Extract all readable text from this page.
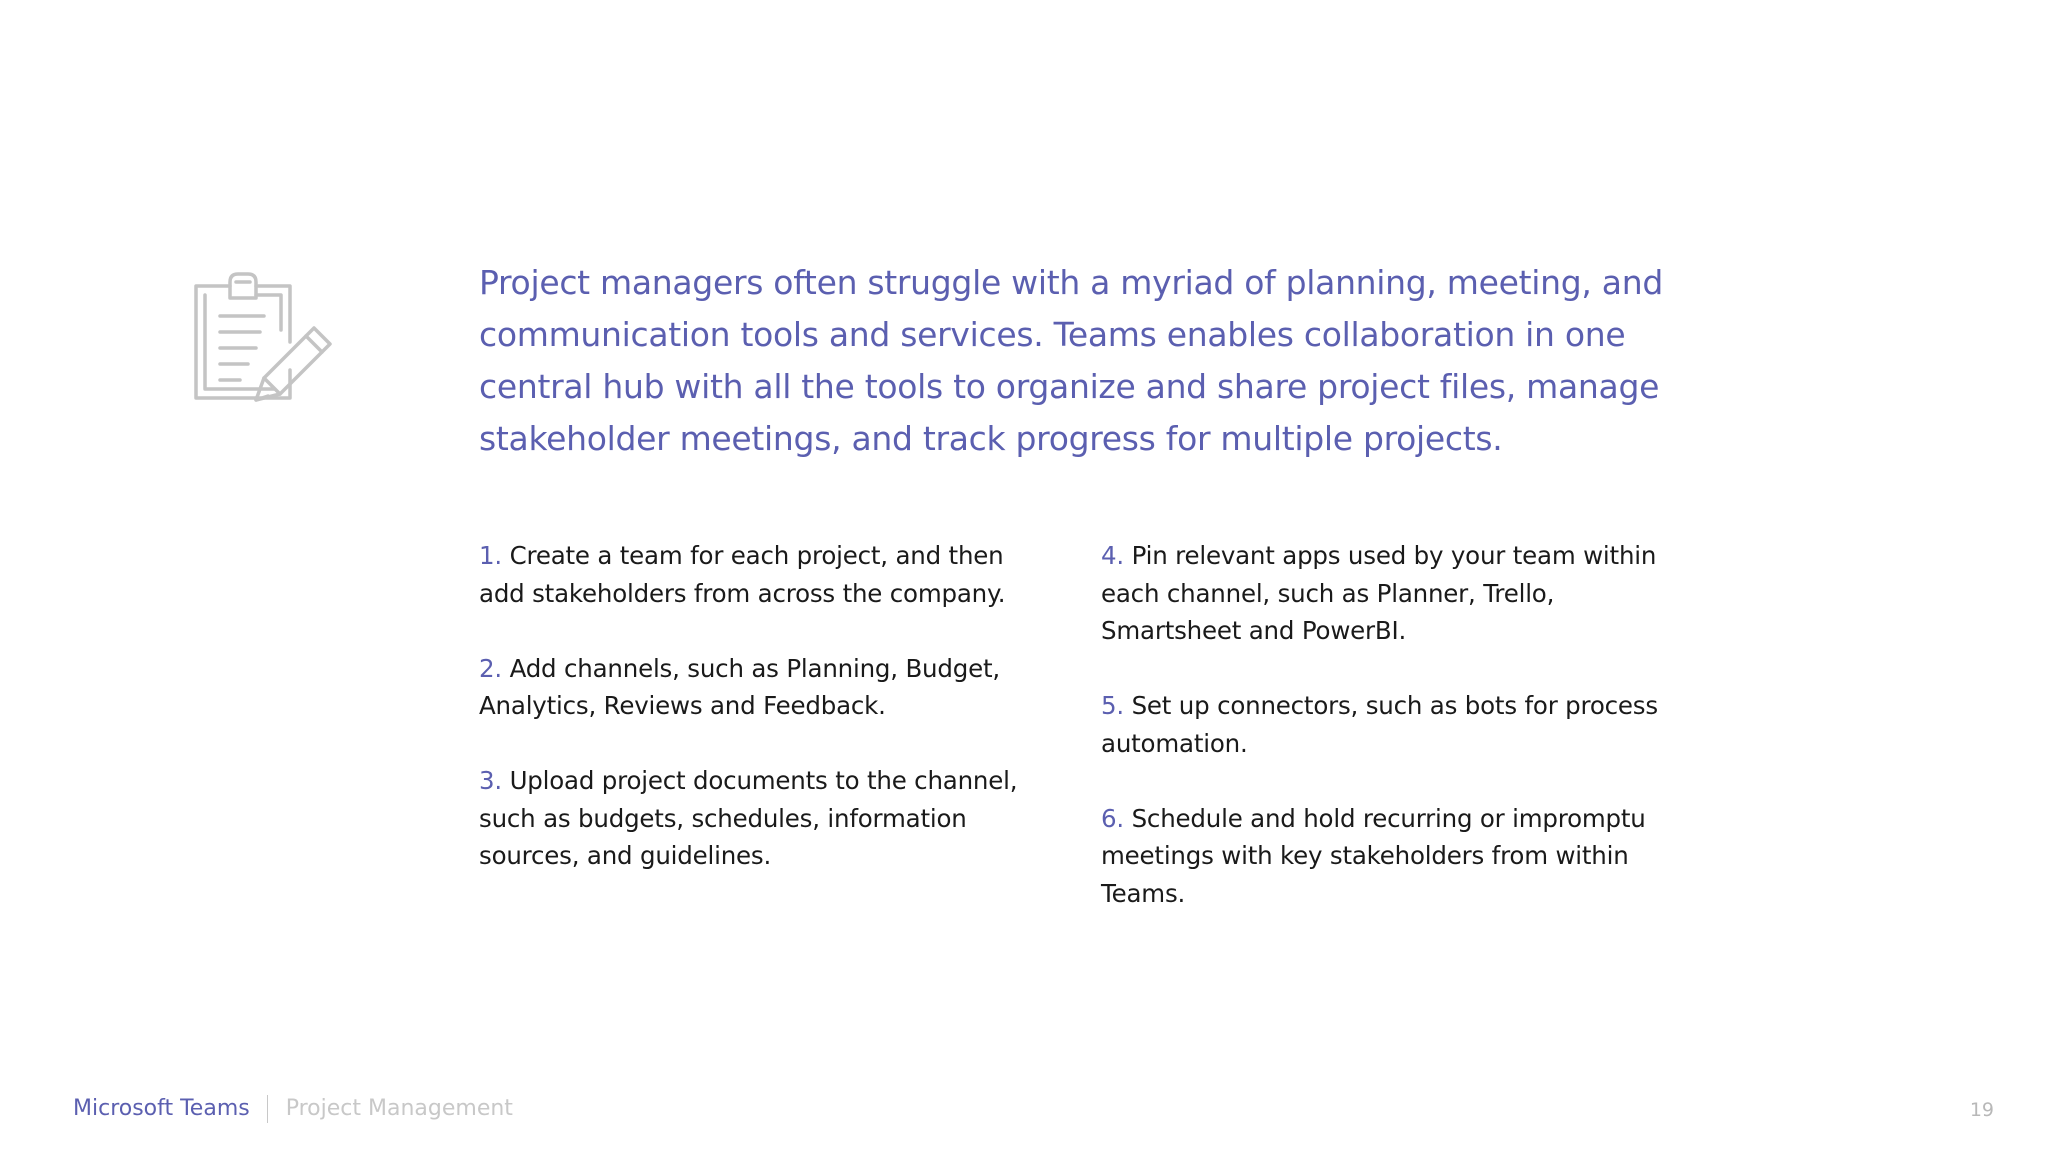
Project managers often struggle with a myriad of planning, meeting, and communication tools and services. Teams enables collaboration in one central hub with all the tools to organize and share project files, manage stakeholder meetings, and track progress for multiple projects.

1. Create a team for each project, and then add stakeholders from across the company.
2. Add channels, such as Planning, Budget, Analytics, Reviews and Feedback.
3. Upload project documents to the channel, such as budgets, schedules, information sources, and guidelines.
4. Pin relevant apps used by your team within each channel, such as Planner, Trello, Smartsheet and PowerBI.
5. Set up connectors, such as bots for process automation.
6. Schedule and hold recurring or impromptu meetings with key stakeholders from within Teams.
Microsoft Teams Project Management	19
